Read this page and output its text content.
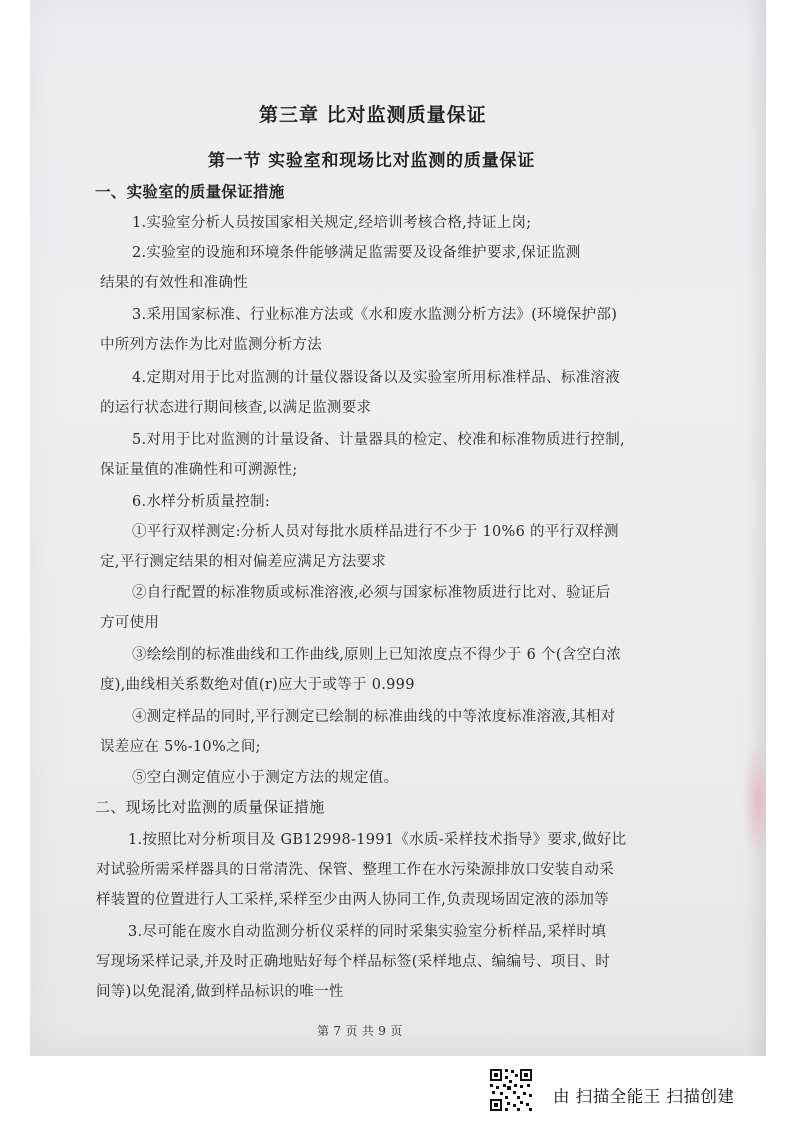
第三章 比对监测质量保证
第一节 实验室和现场比对监测的质量保证
一、实验室的质量保证措施
1.实验室分析人员按国家相关规定,经培训考核合格,持证上岗;
2.实验室的设施和环境条件能够满足监需要及设备维护要求,保证监测
结果的有效性和准确性
3.采用国家标准、行业标准方法或《水和废水监测分析方法》(环境保护部)
中所列方法作为比对监测分析方法
4.定期对用于比对监测的计量仪器设备以及实验室所用标准样品、标准溶液
的运行状态进行期间核查,以满足监测要求
5.对用于比对监测的计量设备、计量器具的检定、校准和标准物质进行控制,
保证量值的准确性和可溯源性;
6.水样分析质量控制:
①平行双样测定:分析人员对每批水质样品进行不少于 10%6 的平行双样测
定,平行测定结果的相对偏差应满足方法要求
②自行配置的标准物质或标准溶液,必须与国家标准物质进行比对、验证后
方可使用
③绘绘削的标准曲线和工作曲线,原则上已知浓度点不得少于 6 个(含空白浓
度),曲线相关系数绝对值(r)应大于或等于 0.999
④测定样品的同时,平行测定已绘制的标准曲线的中等浓度标准溶液,其相对
误差应在 5%-10%之间;
⑤空白测定值应小于测定方法的规定值。
二、现场比对监测的质量保证措施
1.按照比对分析项目及 GB12998-1991《水质-采样技术指导》要求,做好比
对试验所需采样器具的日常清洗、保管、整理工作在水污染源排放口安装自动采
样装置的位置进行人工采样,采样至少由两人协同工作,负责现场固定液的添加等
3.尽可能在废水自动监测分析仪采样的同时采集实验室分析样品,采样时填
写现场采样记录,并及时正确地贴好每个样品标签(采样地点、编编号、项目、时
间等)以免混淆,做到样品标识的唯一性
第 7 页 共 9 页
由 扫描全能王 扫描创建
